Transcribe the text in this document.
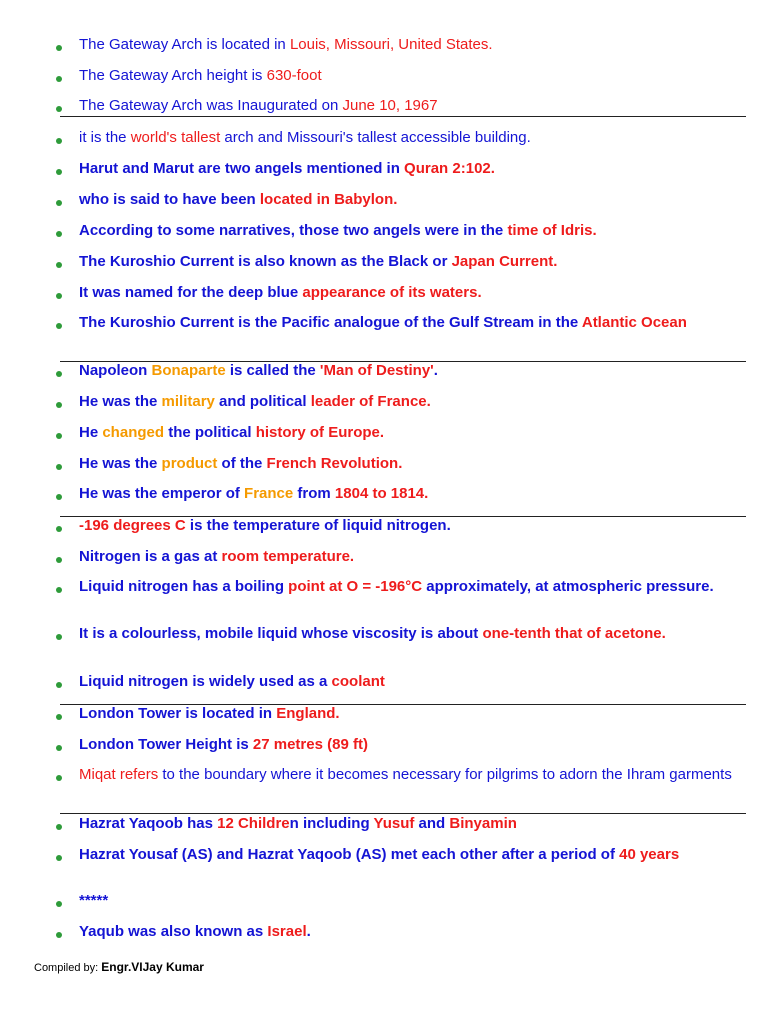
The Gateway Arch is located in Louis, Missouri, United States.
The Gateway Arch height is 630-foot
The Gateway Arch was Inaugurated on June 10, 1967
it is the world's tallest arch and Missouri's tallest accessible building.
Harut and Marut are two angels mentioned in Quran 2:102.
who is said to have been located in Babylon.
According to some narratives, those two angels were in the time of Idris.
The Kuroshio Current is also known as the Black or Japan Current.
It was named for the deep blue appearance of its waters.
The Kuroshio Current is the Pacific analogue of the Gulf Stream in the Atlantic Ocean
Napoleon Bonaparte is called the 'Man of Destiny'.
He was the military and political leader of France.
He changed the political history of Europe.
He was the product of the French Revolution.
He was the emperor of France from 1804 to 1814.
-196 degrees C is the temperature of liquid nitrogen.
Nitrogen is a gas at room temperature.
Liquid nitrogen has a boiling point at O = -196°C approximately, at atmospheric pressure.
It is a colourless, mobile liquid whose viscosity is about one-tenth that of acetone.
Liquid nitrogen is widely used as a coolant
London Tower is located in England.
London Tower Height is 27 metres (89 ft)
Miqat refers to the boundary where it becomes necessary for pilgrims to adorn the Ihram garments
Hazrat Yaqoob has 12 Children including Yusuf and Binyamin
Hazrat Yousaf (AS) and Hazrat Yaqoob (AS) met each other after a period of 40 years
*****
Yaqub was also known as Israel.
Compiled by: Engr.VIJay Kumar
